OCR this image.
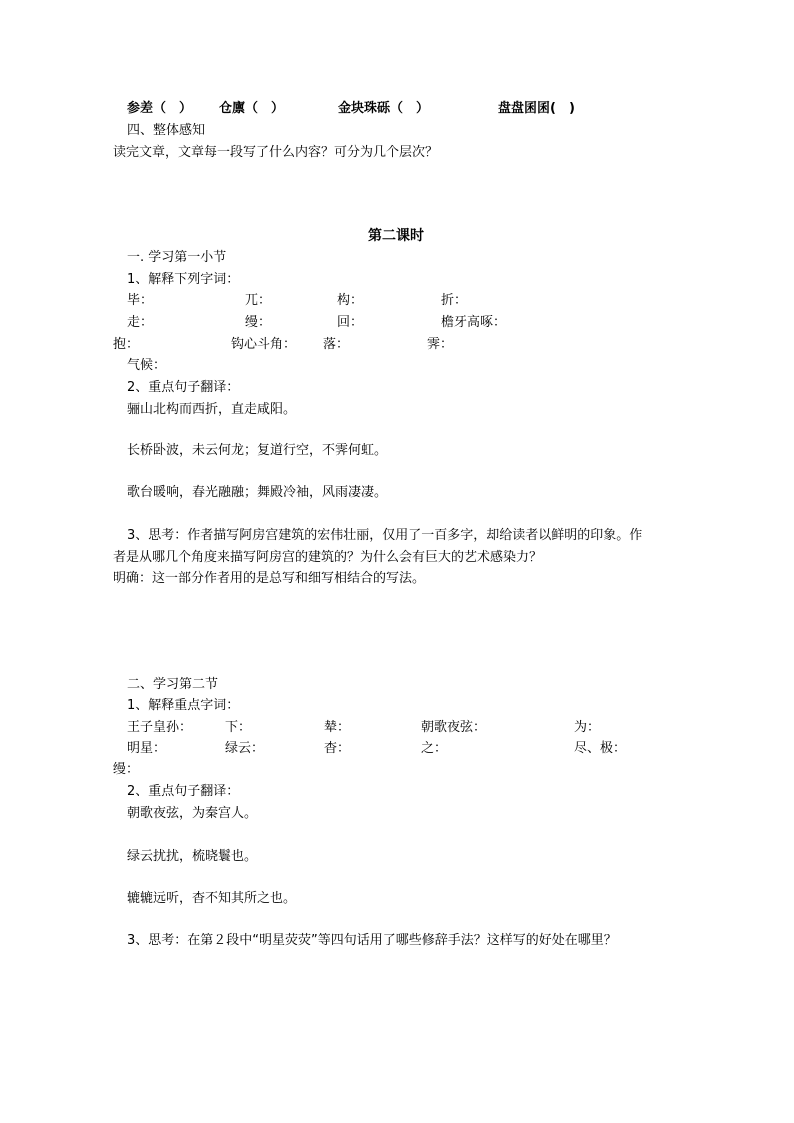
参差（　） 仓廪（　）	金块珠砾（　）	盘盘囷囷(　)
四、整体感知
读完文章，文章每一段写了什么内容？可分为几个层次？
第二课时
一. 学习第一小节
1、解释下列字词：
毕：	兀：	构：	折：
走：	缦：	回：	檐牙高啄：
抱：	钩心斗角： 落：	霁：
气候：
2、重点句子翻译：
骊山北构而西折，直走咸阳。
长桥卧波，未云何龙；复道行空，不霁何虹。
歌台暖响，春光融融；舞殿冷袖，风雨凄凄。
3、思考：作者描写阿房宫建筑的宏伟壮丽，仅用了一百多字，却给读者以鲜明的印象。作
者是从哪几个角度来描写阿房宫的建筑的？为什么会有巨大的艺术感染力？
明确：这一部分作者用的是总写和细写相结合的写法。
二、学习第二节
1、解释重点字词：
王子皇孙：	下：	辇：	朝歌夜弦：	为：
明星：	绿云：	杳：	之：	尽、极：
缦：
2、重点句子翻译：
朝歌夜弦，为秦宫人。
绿云扰扰，梳晓鬟也。
辘辘远听，杳不知其所之也。
3、思考：在第２段中“明星荧荧”等四句话用了哪些修辞手法？这样写的好处在哪里？
